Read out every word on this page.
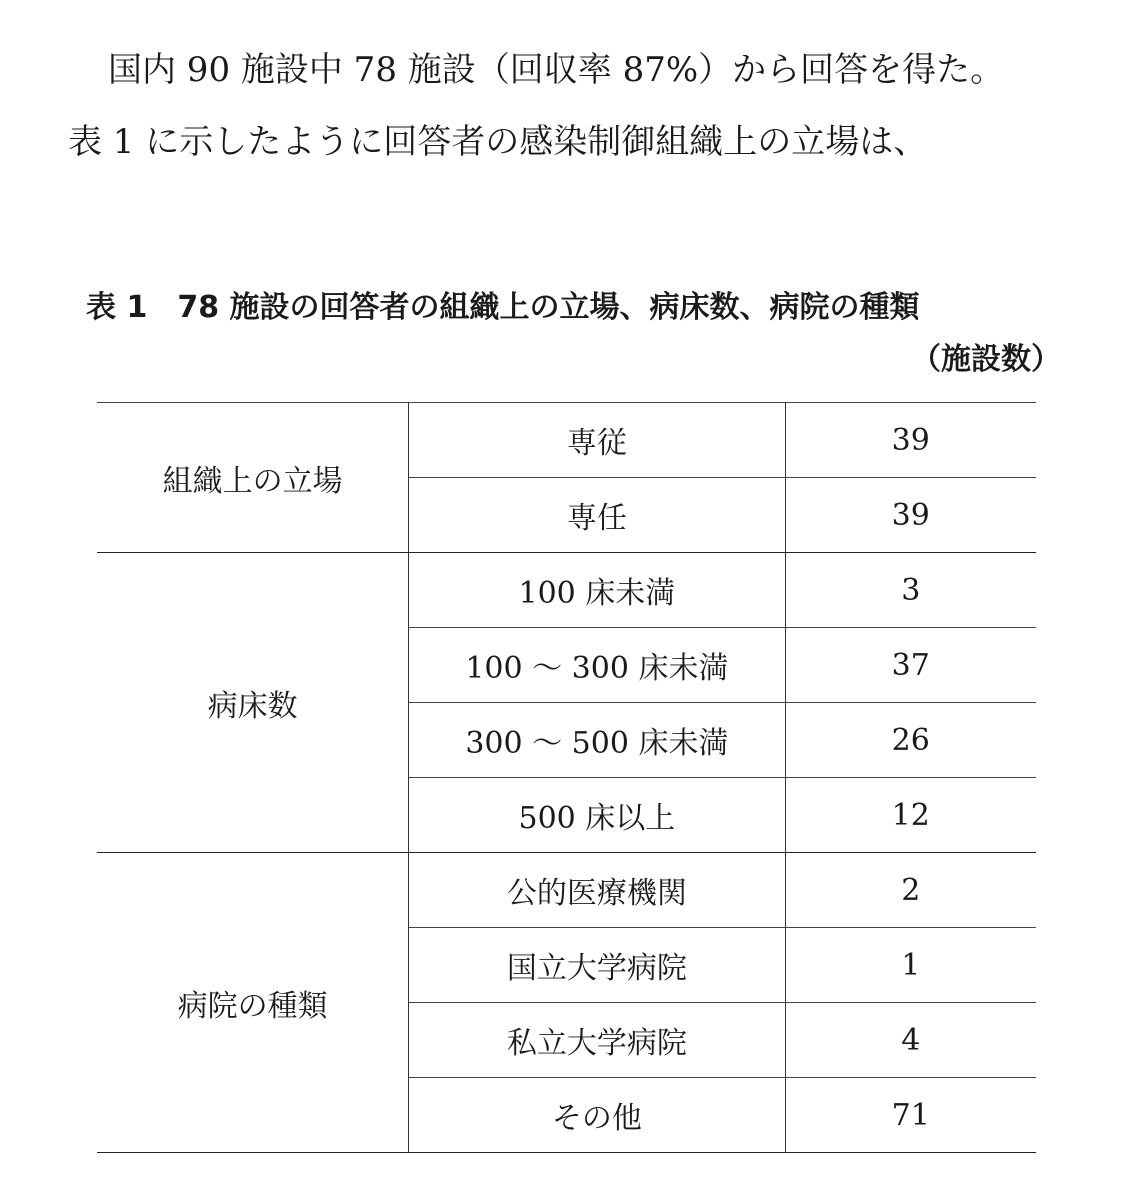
国内 90 施設中 78 施設（回収率 87%）から回答を得た。
表 1 に示したように回答者の感染制御組織上の立場は、
表 1　78 施設の回答者の組織上の立場、病床数、病院の種類
（施設数）
組織上の立場	専従	39
	専任	39
病床数	100 床未満	3
	100 〜 300 床未満	37
	300 〜 500 床未満	26
	500 床以上	12
病院の種類	公的医療機関	2
	国立大学病院	1
	私立大学病院	4
	その他	71
